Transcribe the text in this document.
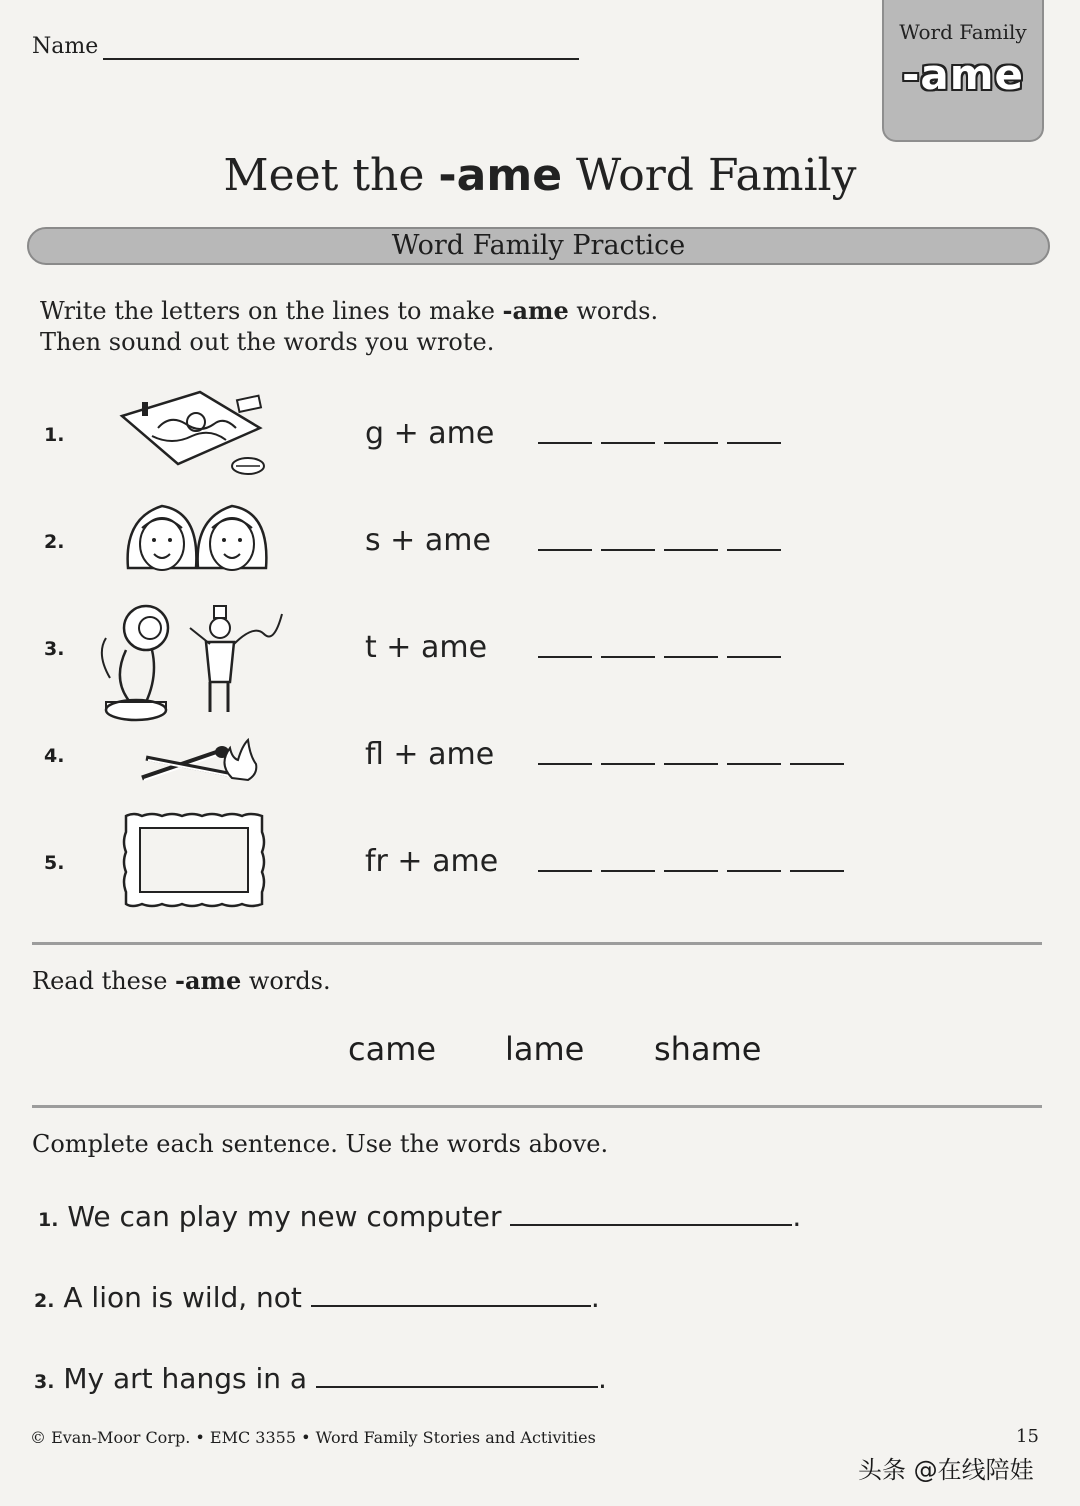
Name
Word Family
-ame
Meet the -ame Word Family
Word Family Practice
Write the letters on the lines to make -ame words.
Then sound out the words you wrote.
1.	g + ame
2.	s + ame
3.	t + ame
4.	fl + ame
5.	fr + ame
Read these -ame words.
came lame shame
Complete each sentence. Use the words above.
1. We can play my new computer	.
2. A lion is wild, not	.
3. My art hangs in a	.
© Evan-Moor Corp. • EMC 3355 • Word Family Stories and Activities	15
头条 @在线陪娃
